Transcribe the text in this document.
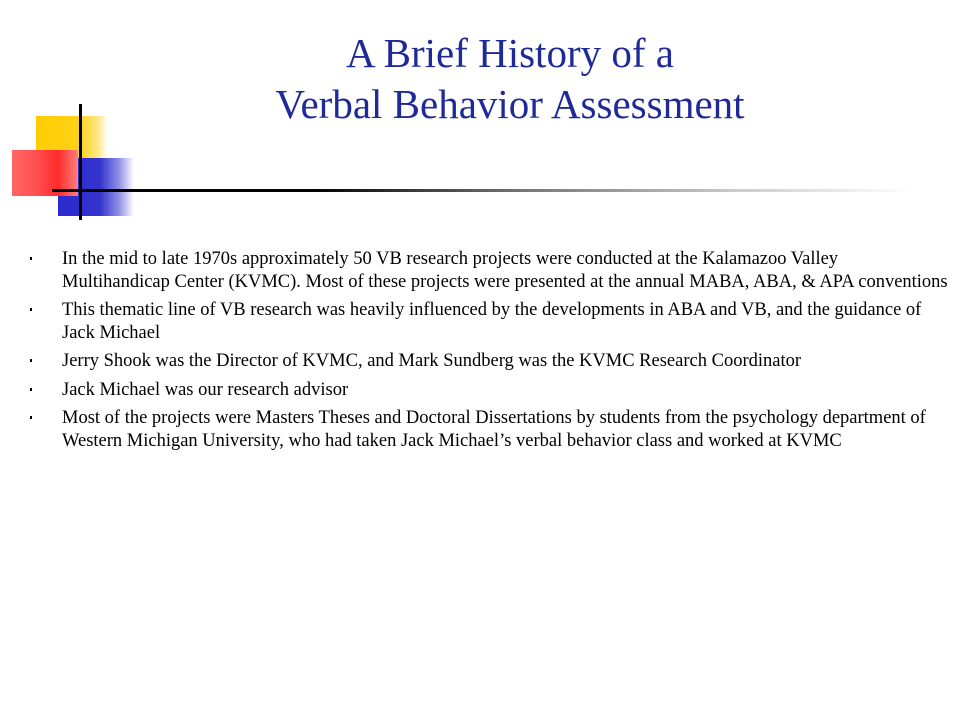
A Brief History of a
Verbal Behavior Assessment
In the mid to late 1970s approximately 50 VB research projects were conducted at the Kalamazoo Valley Multihandicap Center (KVMC). Most of these projects were presented at the annual MABA, ABA, & APA conventions
This thematic line of VB research was heavily influenced by the developments in ABA and VB, and the guidance of Jack Michael
Jerry Shook was the Director of KVMC, and Mark Sundberg was the KVMC Research Coordinator
Jack Michael was our research advisor
Most of the projects were Masters Theses and Doctoral Dissertations by students from the psychology department of Western Michigan University, who had taken Jack Michael’s verbal behavior class and worked at KVMC
